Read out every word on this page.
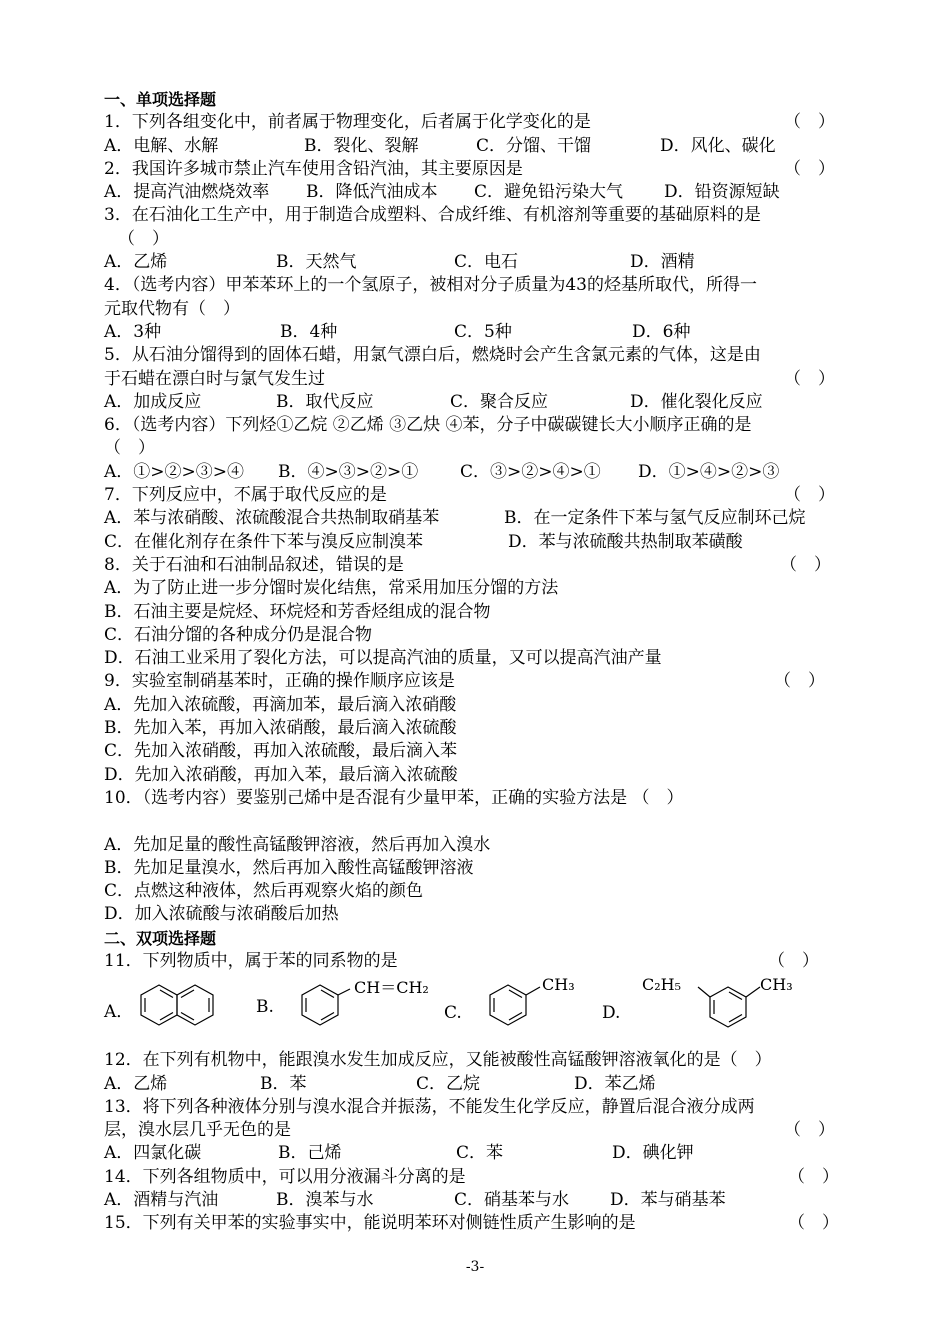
一、单项选择题
1．下列各组变化中，前者属于物理变化，后者属于化学变化的是	（　）
A．电解、水解	B．裂化、裂解	C．分馏、干馏	D．风化、碳化
2．我国许多城市禁止汽车使用含铅汽油，其主要原因是	（　）
A．提高汽油燃烧效率 B．降低汽油成本 C．避免铅污染大气 D．铅资源短缺
3．在石油化工生产中，用于制造合成塑料、合成纤维、有机溶剂等重要的基础原料的是
（　）
A．乙烯	B．天然气	C．电石	D．酒精
4．（选考内容）甲苯苯环上的一个氢原子，被相对分子质量为43的烃基所取代，所得一
元取代物有（　）
A．3种	B．4种	C．5种	D．6种
5．从石油分馏得到的固体石蜡，用氯气漂白后，燃烧时会产生含氯元素的气体，这是由
于石蜡在漂白时与氯气发生过	（　）
A．加成反应	B．取代反应	C．聚合反应	D．催化裂化反应
6．（选考内容）下列烃①乙烷 ②乙烯 ③乙炔 ④苯，分子中碳碳键长大小顺序正确的是
（　）
A．①>②>③>④ B．④>③>②>① C．③>②>④>① D．①>④>②>③
7．下列反应中，不属于取代反应的是	（　）
A．苯与浓硝酸、浓硫酸混合共热制取硝基苯	B．在一定条件下苯与氢气反应制环己烷
C．在催化剂存在条件下苯与溴反应制溴苯	D．苯与浓硫酸共热制取苯磺酸
8．关于石油和石油制品叙述，错误的是	（　）
A．为了防止进一步分馏时炭化结焦，常采用加压分馏的方法
B．石油主要是烷烃、环烷烃和芳香烃组成的混合物
C．石油分馏的各种成分仍是混合物
D．石油工业采用了裂化方法，可以提高汽油的质量，又可以提高汽油产量
9．实验室制硝基苯时，正确的操作顺序应该是	（　）
A．先加入浓硫酸，再滴加苯，最后滴入浓硝酸
B．先加入苯，再加入浓硝酸，最后滴入浓硫酸
C．先加入浓硝酸，再加入浓硫酸，最后滴入苯
D．先加入浓硝酸，再加入苯，最后滴入浓硫酸
10．（选考内容）要鉴别己烯中是否混有少量甲苯，正确的实验方法是 （　）
A．先加足量的酸性高锰酸钾溶液，然后再加入溴水
B．先加足量溴水，然后再加入酸性高锰酸钾溶液
C．点燃这种液体，然后再观察火焰的颜色
D．加入浓硫酸与浓硝酸后加热
二、双项选择题
11．下列物质中，属于苯的同系物的是	（　）
A．	B.
CH＝CH₂
C.
CH₃
D.
C₂H₅	CH₃
12．在下列有机物中，能跟溴水发生加成反应，又能被酸性高锰酸钾溶液氧化的是（　）
A．乙烯	B．苯	C．乙烷	D．苯乙烯
13．将下列各种液体分别与溴水混合并振荡，不能发生化学反应，静置后混合液分成两
层，溴水层几乎无色的是	（　）
A．四氯化碳	B．己烯	C．苯	D．碘化钾
14．下列各组物质中，可以用分液漏斗分离的是	（　）
A．酒精与汽油	B．溴苯与水	C．硝基苯与水 D．苯与硝基苯
15．下列有关甲苯的实验事实中，能说明苯环对侧链性质产生影响的是	（　）
-3-
